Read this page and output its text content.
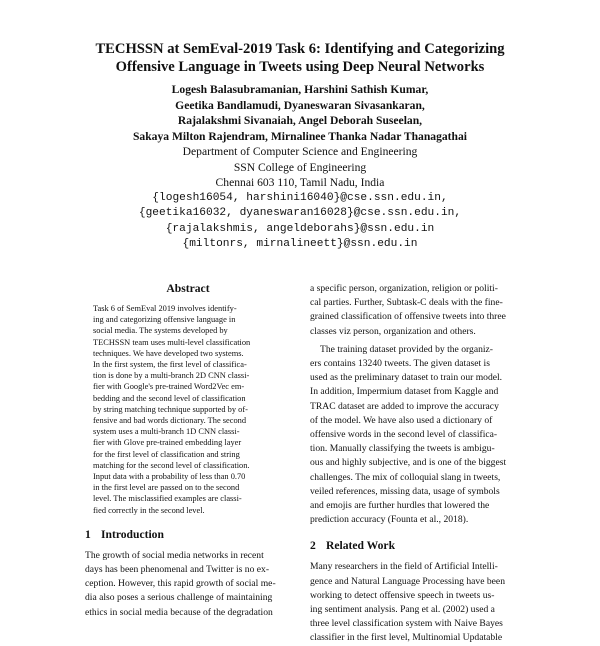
TECHSSN at SemEval-2019 Task 6: Identifying and Categorizing
Offensive Language in Tweets using Deep Neural Networks
Logesh Balasubramanian, Harshini Sathish Kumar,
Geetika Bandlamudi, Dyaneswaran Sivasankaran,
Rajalakshmi Sivanaiah, Angel Deborah Suseelan,
Sakaya Milton Rajendram, Mirnalinee Thanka Nadar Thanagathai
Department of Computer Science and Engineering
SSN College of Engineering
Chennai 603 110, Tamil Nadu, India
{logesh16054, harshini16040}@cse.ssn.edu.in,
{geetika16032, dyaneswaran16028}@cse.ssn.edu.in,
{rajalakshmis, angeldeborahs}@ssn.edu.in
{miltonrs, mirnalineett}@ssn.edu.in
Abstract
Task 6 of SemEval 2019 involves identify-
ing and categorizing offensive language in
social media. The systems developed by
TECHSSN team uses multi-level classification
techniques. We have developed two systems.
In the first system, the first level of classifica-
tion is done by a multi-branch 2D CNN classi-
fier with Google's pre-trained Word2Vec em-
bedding and the second level of classification
by string matching technique supported by of-
fensive and bad words dictionary. The second
system uses a multi-branch 1D CNN classi-
fier with Glove pre-trained embedding layer
for the first level of classification and string
matching for the second level of classification.
Input data with a probability of less than 0.70
in the first level are passed on to the second
level. The misclassified examples are classi-
fied correctly in the second level.
1 Introduction
The growth of social media networks in recent
days has been phenomenal and Twitter is no ex-
ception. However, this rapid growth of social me-
dia also poses a serious challenge of maintaining
ethics in social media because of the degradation
a specific person, organization, religion or politi-
cal parties. Further, Subtask-C deals with the fine-
grained classification of offensive tweets into three
classes viz person, organization and others.
The training dataset provided by the organiz-
ers contains 13240 tweets. The given dataset is
used as the preliminary dataset to train our model.
In addition, Impermium dataset from Kaggle and
TRAC dataset are added to improve the accuracy
of the model. We have also used a dictionary of
offensive words in the second level of classifica-
tion. Manually classifying the tweets is ambigu-
ous and highly subjective, and is one of the biggest
challenges. The mix of colloquial slang in tweets,
veiled references, missing data, usage of symbols
and emojis are further hurdles that lowered the
prediction accuracy (Founta et al., 2018).
2 Related Work
Many researchers in the field of Artificial Intelli-
gence and Natural Language Processing have been
working to detect offensive speech in tweets us-
ing sentiment analysis. Pang et al. (2002) used a
three level classification system with Naive Bayes
classifier in the first level, Multinomial Updatable
